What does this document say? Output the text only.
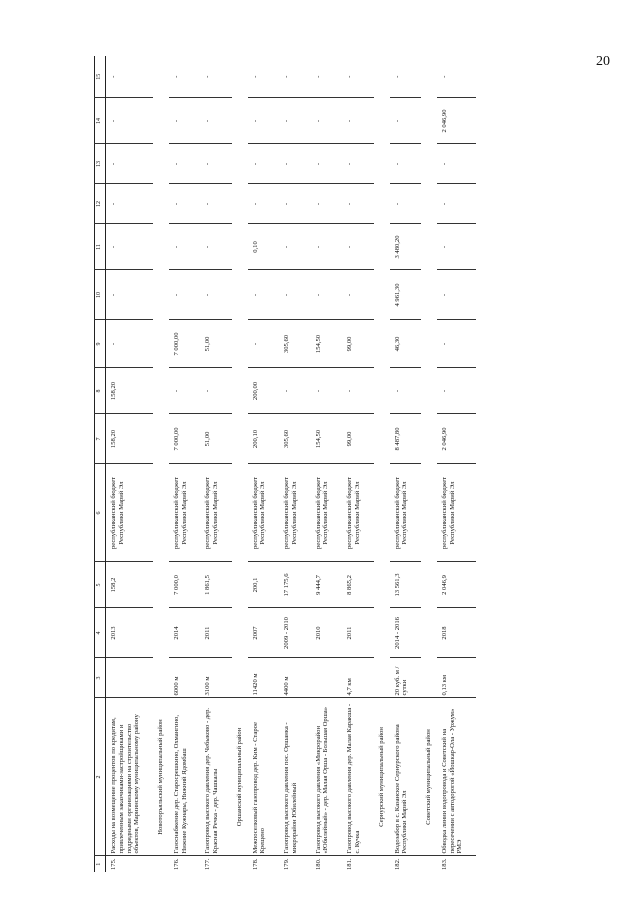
20
1	2	3	4	5	6	7	8	9	10	11	12	13	14	15
175.	Расходы на возмещение процентов по кредитам, привлеченным заказчиками-застройщиками и подрядными организациями на строительство объектов, Мариинскому муниципальному району		2013	158,2	республиканский бюджет Республики Марий Эл	158,20	158,20	-	-	-	-	-	-	-
	Новоторъяльский муниципальный район													
176.	Газоснабжение дер. Старосрешкино, Охмангино, Нижние Кужнары, Нижний Ядомбаш	6000 м	2014	7 000,0	республиканский бюджет Республики Марий Эл	7 000,00	-	7 000,00	-	-	-	-	-	-
177.	Газопровод высокого давления дер. Чебыково - дер. Красная Речка - дер. Чашкалы	3100 м	2011	1 861,5	республиканский бюджет Республики Марий Эл	51,00	-	51,00	-	-	-	-	-	-
	Оршанский муниципальный район													
178.	Межпоселковый газопровод дер. Ким - Старое Крещено	11420 м	2007	200,1	республиканский бюджет Республики Марий Эл	200,10	200,00	-	-	0,10	-	-	-	-
179.	Газопровод высокого давления пос. Оршанка - микрорайон Юбилейный	4400 м	2009 - 2010	17 175,6	республиканский бюджет Республики Марий Эл	305,60	-	305,60	-	-	-	-	-	-
180.	Газопровод высокого давления «Микрорайон «Юбилейный» - дер. Малая Орша - Большая Орша»		2010	9 444,7	республиканский бюджет Республики Марий Эл	154,50	-	154,50	-	-	-	-	-	-
181.	Газопровод высокого давления дер. Малая Каракша - с. Кучка	4,7 км	2011	8 865,2	республиканский бюджет Республики Марий Эл	99,00	-	99,00	-	-	-	-	-	-
	Сернурский муниципальный район													
182.	Водозабор в с. Казанское Сернурского района Республики Марий Эл	20 куб. м / сутки	2014 - 2016	13 561,3	республиканский бюджет Республики Марий Эл	8 487,80	-	46,30	4 961,30	3 480,20	-	-	-	-
	Советский муниципальный район													
183.	Обводка линии водопровода и Советский на пересечении с автодорогой «Йошкар-Ола - Уржум» РМЭ	0,13 км	2018	2 046,9	республиканский бюджет Республики Марий Эл	2 046,90	-	-	-	-	-	-	2 046,90	-
